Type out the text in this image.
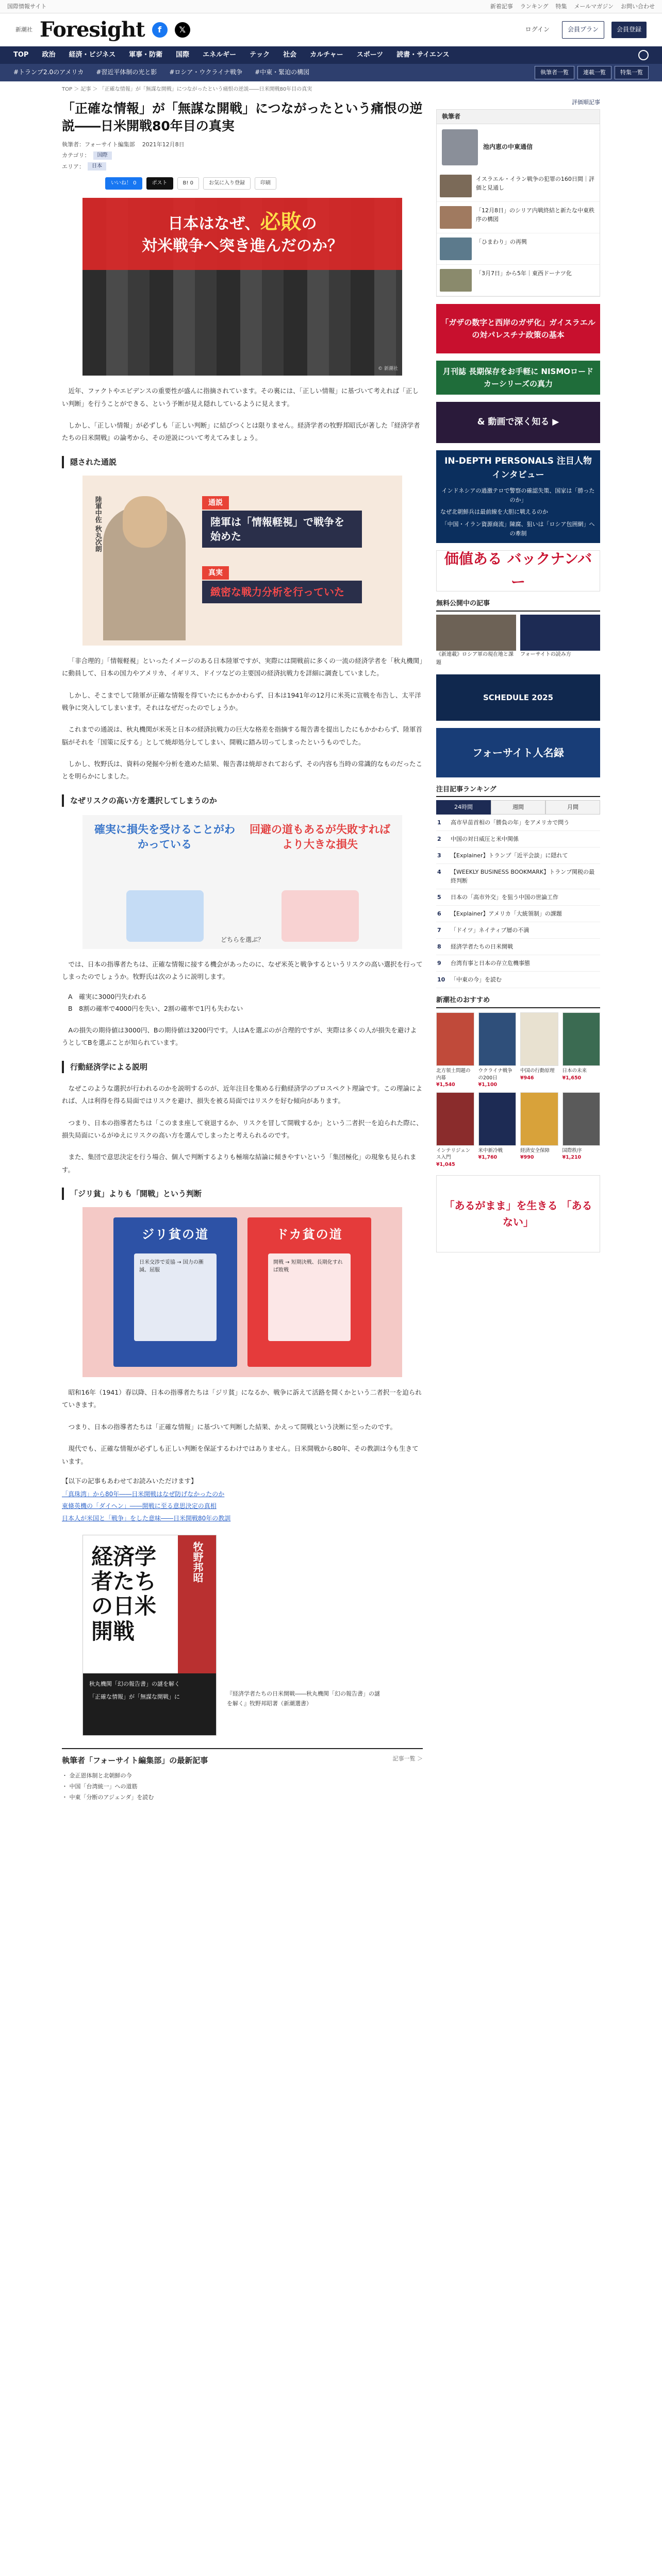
国際情報サイト	新着記事 ランキング 特集 メールマガジン お問い合わせ
新潮社 Foresight	f	𝕏	ログイン	会員プラン	会員登録
TOP 政治 経済・ビジネス 軍事・防衛 国際 エネルギー テック 社会 カルチャー スポーツ 読書・サイエンス
#トランプ2.0のアメリカ #習近平体制の光と影 #ロシア・ウクライナ戦争 #中東・緊迫の構図	執筆者一覧	連載一覧	特集一覧
TOP ＞ 記事 ＞ 「正確な情報」が「無謀な開戦」につながったという痛恨の逆説――日米開戦80年目の真実
「正確な情報」が「無謀な開戦」につながったという痛恨の逆説――日米開戦80年目の真実
執筆者：フォーサイト編集部 2021年12月8日
カテゴリ：	国際
エリア：	日本
いいね！ 0	ポスト	B! 0	お気に入り登録	印刷
日本はなぜ、必敗の
対米戦争へ突き進んだのか？
© 新潮社

近年、ファクトやエビデンスの重要性が盛んに指摘されています。その裏には、「正しい情報」に基づいて考えれば「正しい判断」を行うことができる、という予断が見え隠れしているように見えます。

しかし、「正しい情報」が必ずしも「正しい判断」に結びつくとは限りません。経済学者の牧野邦昭氏が著した『経済学者たちの日米開戦』の論考から、その逆説について考えてみましょう。

隠された通説
陸軍中佐 秋丸次朗	通説
陸軍は「情報軽視」で戦争を始めた
真実
緻密な戦力分析を行っていた

「非合理的」「情報軽視」といったイメージのある日本陸軍ですが、実際には開戦前に多くの一流の経済学者を「秋丸機関」に動員して、日本の国力やアメリカ、イギリス、ドイツなどの主要国の経済抗戦力を詳細に調査していました。

しかし、そこまでして陸軍が正確な情報を得ていたにもかかわらず、日本は1941年の12月に米英に宣戦を布告し、太平洋戦争に突入してしまいます。それはなぜだったのでしょうか。

これまでの通説は、秋丸機関が米英と日本の経済抗戦力の巨大な格差を指摘する報告書を提出したにもかかわらず、陸軍首脳がそれを「国策に反する」として焼却処分してしまい、開戦に踏み切ってしまったというものでした。

しかし、牧野氏は、資料の発掘や分析を進めた結果、報告書は焼却されておらず、その内容も当時の常識的なものだったことを明らかにしました。

なぜリスクの高い方を選択してしまうのか
確実に損失を受けることがわかっている
回避の道もあるが失敗すればより大きな損失
どちらを選ぶ？

では、日本の指導者たちは、正確な情報に接する機会があったのに、なぜ米英と戦争するというリスクの高い選択を行ってしまったのでしょうか。牧野氏は次のように説明します。

A　確実に3000円失われる
B　8割の確率で4000円を失い、2割の確率で1円も失わない

Aの損失の期待値は3000円、Bの期待値は3200円です。人はAを選ぶのが合理的ですが、実際は多くの人が損失を避けようとしてBを選ぶことが知られています。

行動経済学による説明

なぜこのような選択が行われるのかを説明するのが、近年注目を集める行動経済学のプロスペクト理論です。この理論によれば、人は利得を得る局面ではリスクを避け、損失を被る局面ではリスクを好む傾向があります。

つまり、日本の指導者たちは「このまま座して衰退するか、リスクを冒して開戦するか」という二者択一を迫られた際に、損失局面にいるがゆえにリスクの高い方を選んでしまったと考えられるのです。

また、集団で意思決定を行う場合、個人で判断するよりも極端な結論に傾きやすいという「集団極化」の現象も見られます。

「ジリ貧」よりも「開戦」という判断
ジリ貧の道
日米交渉で妥協 → 国力の漸減、屈服
ドカ貧の道
開戦 → 短期決戦、長期化すれば敗戦

昭和16年（1941）春以降、日本の指導者たちは「ジリ貧」になるか、戦争に訴えて活路を開くかという二者択一を迫られていきます。

つまり、日本の指導者たちは「正確な情報」に基づいて判断した結果、かえって開戦という決断に至ったのです。

現代でも、正確な情報が必ずしも正しい判断を保証するわけではありません。日米開戦から80年、その教訓は今も生きています。

【以下の記事もあわせてお読みいただけます】

「真珠湾」から80年――日米開戦はなぜ防げなかったのか
東條英機の「ダイヘン」――開戦に至る意思決定の真相
日本人が米国と「戦争」をした意味――日米開戦80年の教訓
経済学者たちの日米開戦
牧野邦昭
秋丸機関「幻の報告書」の謎を解く
「正確な情報」が「無謀な開戦」に
『経済学者たちの日米開戦――秋丸機関「幻の報告書」の謎を解く』牧野邦昭著（新潮選書）
執筆者「フォーサイト編集部」の最新記事	記事一覧 ＞
・ 金正恩体制と北朝鮮の今
・ 中国「台湾統一」への道筋
・ 中東「分断のアジェンダ」を読む
評価順記事
執筆者
池内恵の中東通信
イスラエル・イラン戦争の犯罪の160日間｜評価と見通し
「12月8日」のシリア内戦終結と新たな中東秩序の構図
「ひまわり」の再興
「3月7日」から5年｜東西ドーナツ化
「ガザの数字と西岸のガザ化」ガイスラエルの対パレスチナ政策の基本
月刊誌 長期保存をお手軽に NISMOロードカーシリーズの真力
& 動画で深く知る ▶
IN-DEPTH PERSONALS 注目人物インタビュー
インドネシアの過激テロで警察の確認失策、国家は「勝ったのか」
なぜ北朝鮮兵は最前線を大胆に戦えるのか
「中国・イラン資源商流」陳腐、狙いは「ロシア包囲網」への牽制
価値ある バックナンバー
無料公開中の記事
《新連載》ロシア軍の現在地と課題
フォーサイトの読み方
SCHEDULE 2025
フォーサイト人名録
注目記事ランキング
24時間	週間	月間
1	高市早苗首相の「勝負の年」をアメリカで問う
2	中国の対日威圧と米中関係
3	【Explainer】トランプ「近平会談」に隠れて
4	【WEEKLY BUSINESS BOOKMARK】トランプ関税の最終判断
5	日本の「高市外交」を狙う中国の世論工作
6	【Explainer】アメリカ「大統領制」の課題
7	「ドイツ」ネイティブ層の不満
8	経済学者たちの日米開戦
9	台湾有事と日本の存立危機事態
10 「中東の今」を読む
新潮社のおすすめ
北方領土問題の内幕
¥1,540
ウクライナ戦争の200日
¥1,100
中国の行動原理
¥946
日本の未来
¥1,650
インテリジェンス入門
¥1,045
米中新冷戦
¥1,760
経済安全保障
¥990
国際秩序
¥1,210
「あるがまま」を生きる 「あるない」
